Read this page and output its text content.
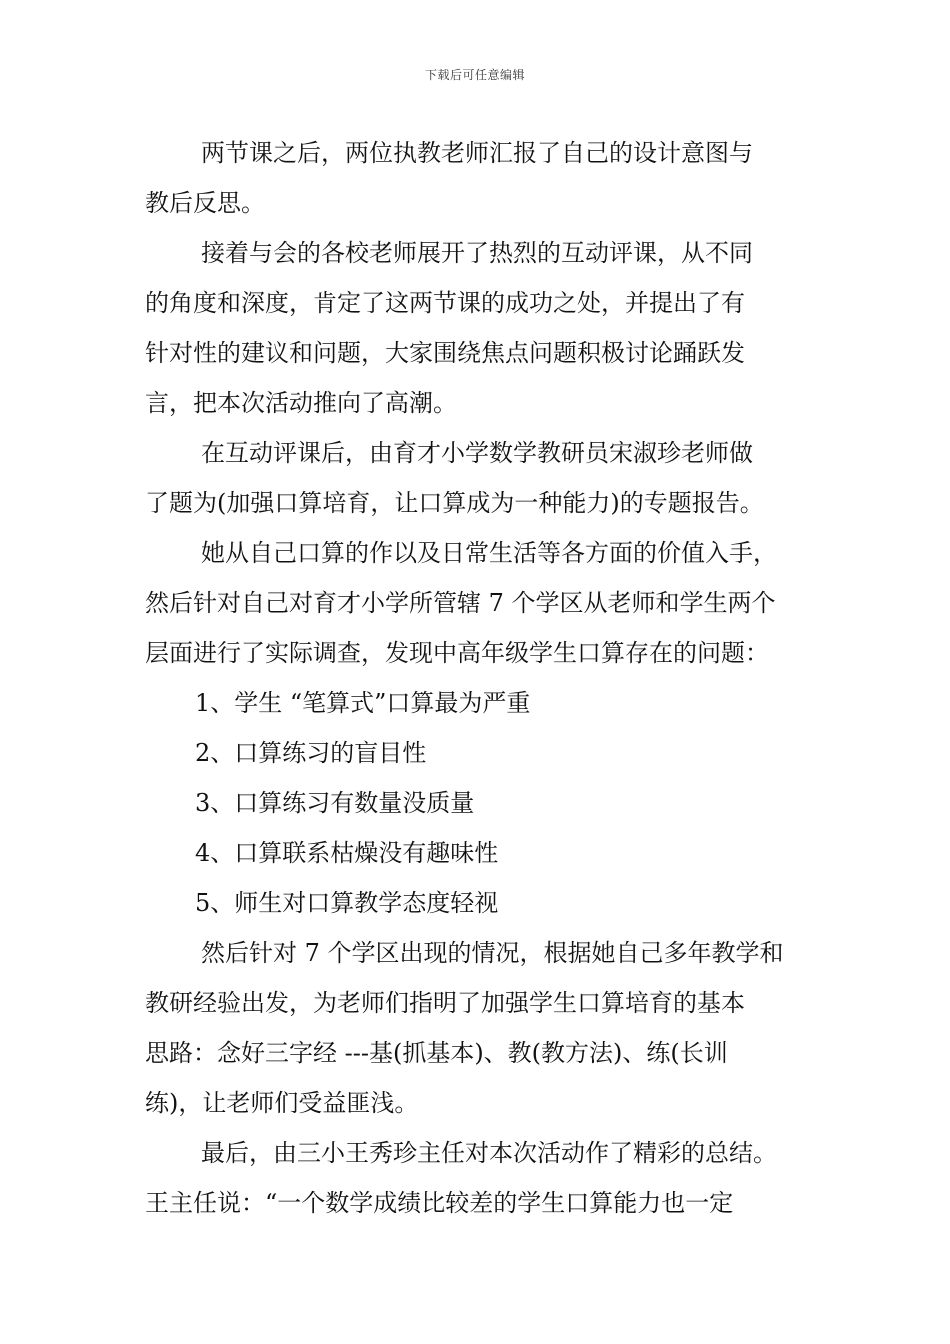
下载后可任意编辑
两节课之后，两位执教老师汇报了自己的设计意图与
教后反思。
接着与会的各校老师展开了热烈的互动评课，从不同
的角度和深度，肯定了这两节课的成功之处，并提出了有
针对性的建议和问题，大家围绕焦点问题积极讨论踊跃发
言，把本次活动推向了高潮。
在互动评课后，由育才小学数学教研员宋淑珍老师做
了题为(加强口算培育，让口算成为一种能力)的专题报告。
她从自己口算的作以及日常生活等各方面的价值入手，
然后针对自己对育才小学所管辖 7 个学区从老师和学生两个
层面进行了实际调查，发现中高年级学生口算存在的问题：
1、学生 “笔算式”口算最为严重
2、口算练习的盲目性
3、口算练习有数量没质量
4、口算联系枯燥没有趣味性
5、师生对口算教学态度轻视
然后针对 7 个学区出现的情况，根据她自己多年教学和
教研经验出发，为老师们指明了加强学生口算培育的基本
思路：念好三字经 ---基(抓基本)、教(教方法)、练(长训
练)，让老师们受益匪浅。
最后，由三小王秀珍主任对本次活动作了精彩的总结。
王主任说：“一个数学成绩比较差的学生口算能力也一定
